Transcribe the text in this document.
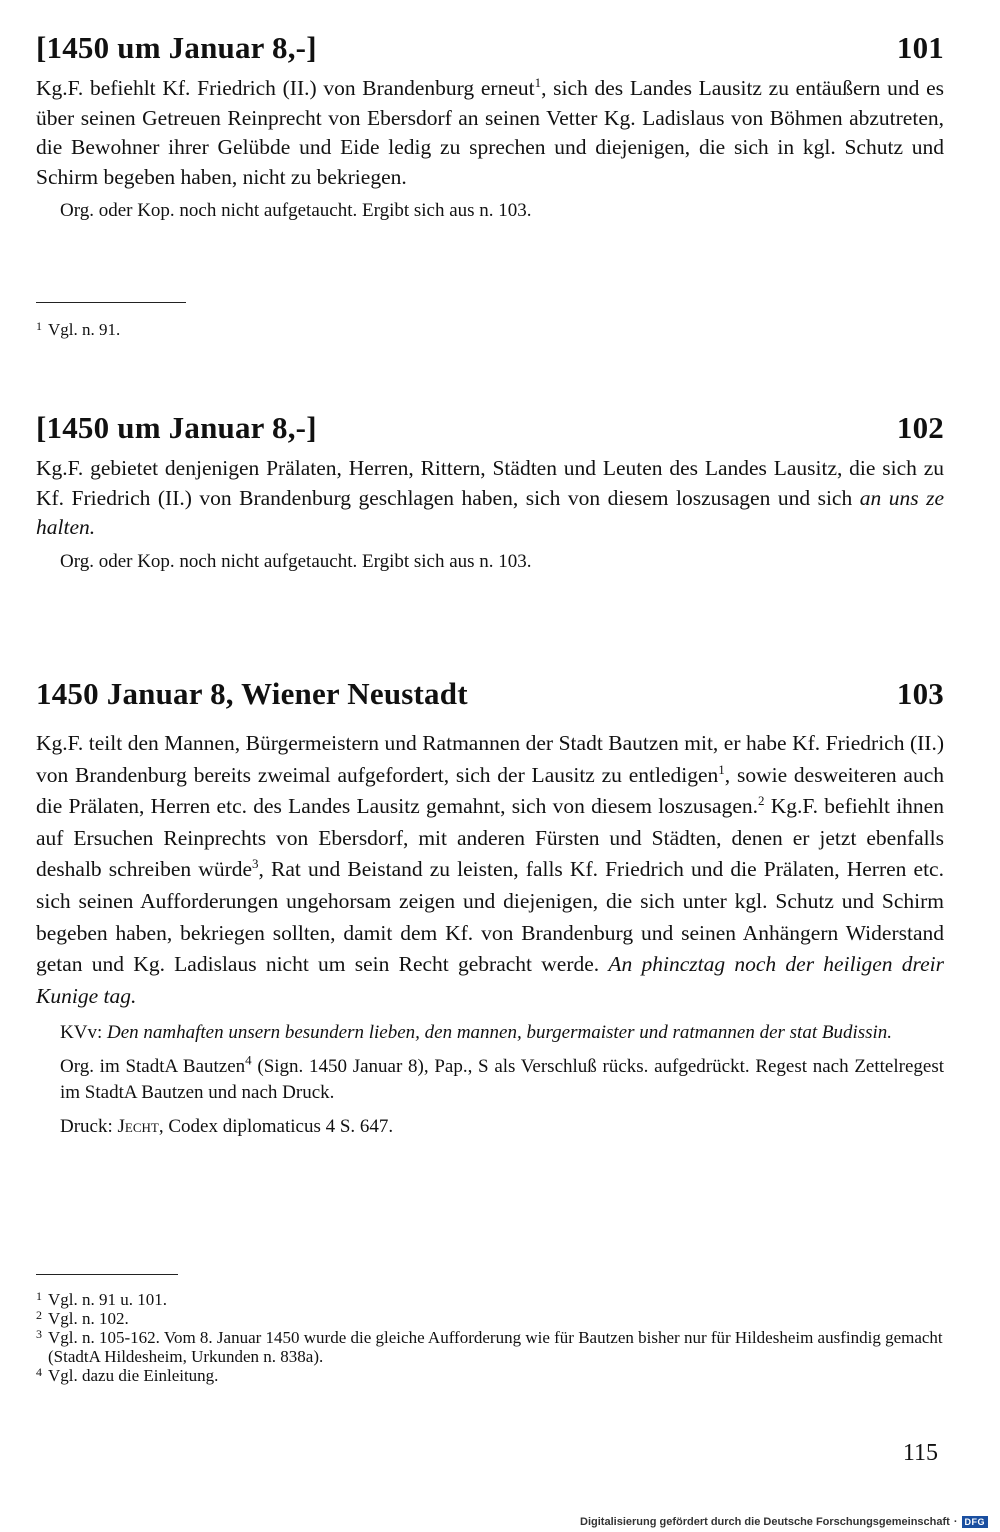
[1450 um Januar 8,-]	101
Kg.F. befiehlt Kf. Friedrich (II.) von Brandenburg erneut$^1$, sich des Landes Lausitz zu entäußern und es über seinen Getreuen Reinprecht von Ebersdorf an seinen Vetter Kg. Ladislaus von Böhmen abzutreten, die Bewohner ihrer Gelübde und Eide ledig zu sprechen und diejenigen, die sich in kgl. Schutz und Schirm begeben haben, nicht zu bekriegen.
Org. oder Kop. noch nicht aufgetaucht. Ergibt sich aus n. 103.
1 Vgl. n. 91.
[1450 um Januar 8,-]	102
Kg.F. gebietet denjenigen Prälaten, Herren, Rittern, Städten und Leuten des Landes Lausitz, die sich zu Kf. Friedrich (II.) von Brandenburg geschlagen haben, sich von diesem loszusagen und sich an uns ze halten.
Org. oder Kop. noch nicht aufgetaucht. Ergibt sich aus n. 103.
1450 Januar 8, Wiener Neustadt	103
Kg.F. teilt den Mannen, Bürgermeistern und Ratmannen der Stadt Bautzen mit, er habe Kf. Friedrich (II.) von Brandenburg bereits zweimal aufgefordert, sich der Lausitz zu entledigen$^1$, sowie desweiteren auch die Prälaten, Herren etc. des Landes Lausitz gemahnt, sich von diesem loszusagen.$^2$ Kg.F. befiehlt ihnen auf Ersuchen Reinprechts von Ebersdorf, mit anderen Fürsten und Städten, denen er jetzt ebenfalls deshalb schreiben würde$^3$, Rat und Beistand zu leisten, falls Kf. Friedrich und die Prälaten, Herren etc. sich seinen Aufforderungen ungehorsam zeigen und diejenigen, die sich unter kgl. Schutz und Schirm begeben haben, bekriegen sollten, damit dem Kf. von Brandenburg und seinen Anhängern Widerstand getan und Kg. Ladislaus nicht um sein Recht gebracht werde. An phincztag noch der heiligen dreir Kunige tag.
KVv: Den namhaften unsern besundern lieben, den mannen, burgermaister und ratmannen der stat Budissin.
Org. im StadtA Bautzen$^4$ (Sign. 1450 Januar 8), Pap., S als Verschluß rücks. aufgedrückt. Regest nach Zettelregest im StadtA Bautzen und nach Druck.
Druck: Jecht, Codex diplomaticus 4 S. 647.
1 Vgl. n. 91 u. 101.
2 Vgl. n. 102.
3 Vgl. n. 105-162. Vom 8. Januar 1450 wurde die gleiche Aufforderung wie für Bautzen bisher nur für Hildesheim ausfindig gemacht (StadtA Hildesheim, Urkunden n. 838a).
4 Vgl. dazu die Einleitung.
115
Digitalisierung gefördert durch die Deutsche Forschungsgemeinschaft · DFG
